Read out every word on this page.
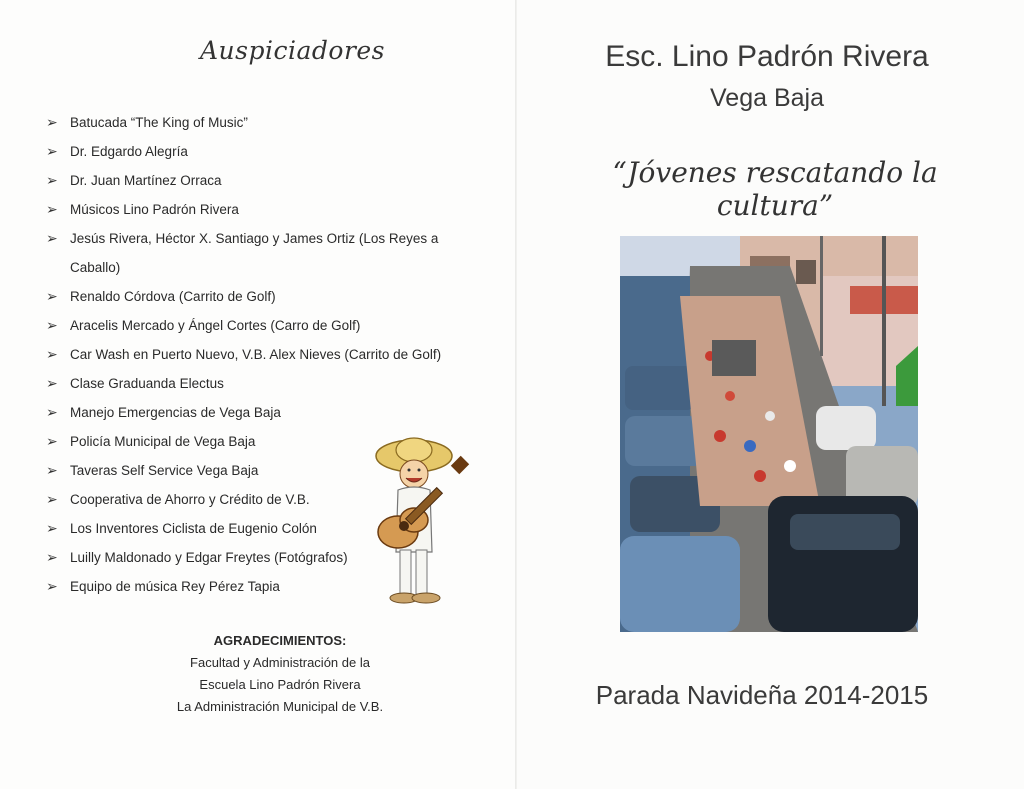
Auspiciadores
➢ Batucada “The King of Music”
➢ Dr. Edgardo Alegría
➢ Dr. Juan Martínez Orraca
➢ Músicos Lino Padrón Rivera
➢ Jesús Rivera, Héctor X. Santiago y James Ortiz (Los Reyes a
Caballo)
➢ Renaldo Córdova (Carrito de Golf)
➢ Aracelis Mercado y Ángel Cortes (Carro de Golf)
➢ Car Wash en Puerto Nuevo, V.B. Alex Nieves (Carrito de Golf)
➢ Clase Graduanda Electus
➢ Manejo Emergencias de Vega Baja
➢ Policía Municipal de Vega Baja
➢ Taveras Self Service Vega Baja
➢ Cooperativa de Ahorro y Crédito de V.B.
➢ Los Inventores Ciclista de Eugenio Colón
➢ Luilly Maldonado y Edgar Freytes (Fotógrafos)
➢ Equipo de música Rey Pérez Tapia
AGRADECIMIENTOS:
Facultad y Administración de la
Escuela Lino Padrón Rivera
La Administración Municipal de V.B.
Esc. Lino Padrón Rivera
Vega Baja
“Jóvenes rescatando la cultura”
Parada Navideña 2014-2015
